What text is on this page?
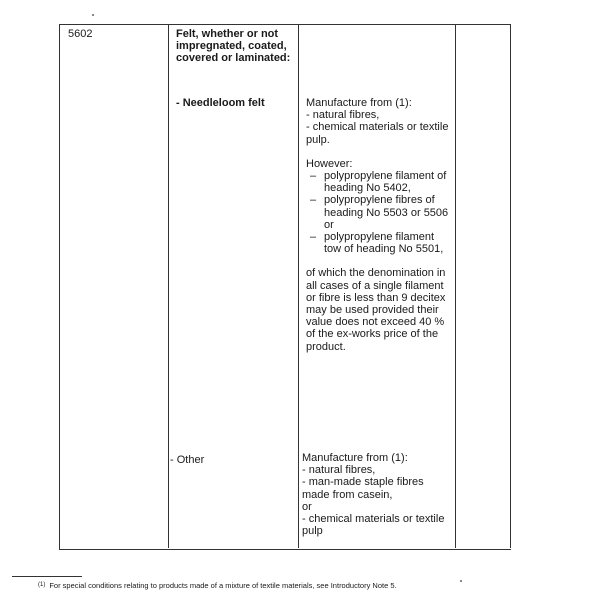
5602	Felt, whether or not impregnated, coated, covered or laminated:
- Needleloom felt	Manufacture from (1):

- natural fibres,

- chemical materials or textile pulp.

However:

– polypropylene filament of heading No 5402,
– polypropylene fibres of heading No 5503 or 5506 or
– polypropylene filament tow of heading No 5501,

of which the denomination in all cases of a single filament or fibre is less than 9 decitex may be used provided their value does not exceed 40 % of the ex-works price of the product.

- Other	Manufacture from (1):

- natural fibres,

- man-made staple fibres made from casein,

or

- chemical materials or textile pulp

$^{(1)}$ For special conditions relating to products made of a mixture of textile materials, see Introductory Note 5.
